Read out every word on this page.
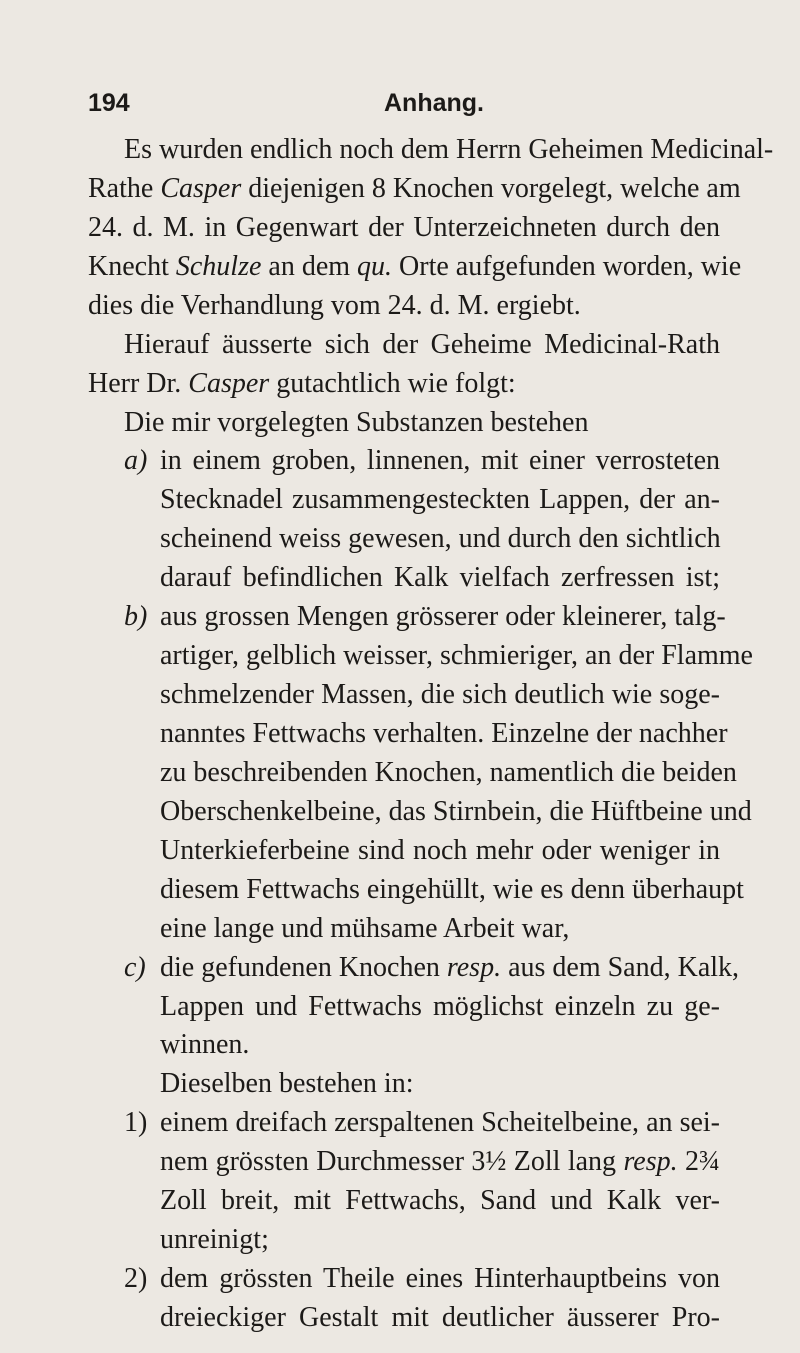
194	Anhang.
Es wurden endlich noch dem Herrn Geheimen Medicinal-
Rathe Casper diejenigen 8 Knochen vorgelegt, welche am
24. d. M. in Gegenwart der Unterzeichneten durch den
Knecht Schulze an dem qu. Orte aufgefunden worden, wie
dies die Verhandlung vom 24. d. M. ergiebt.
Hierauf äusserte sich der Geheime Medicinal-Rath
Herr Dr. Casper gutachtlich wie folgt:
Die mir vorgelegten Substanzen bestehen
a) in einem groben, linnenen, mit einer verrosteten
Stecknadel zusammengesteckten Lappen, der an-
scheinend weiss gewesen, und durch den sichtlich
darauf befindlichen Kalk vielfach zerfressen ist;
b) aus grossen Mengen grösserer oder kleinerer, talg-
artiger, gelblich weisser, schmieriger, an der Flamme
schmelzender Massen, die sich deutlich wie soge-
nanntes Fettwachs verhalten. Einzelne der nachher
zu beschreibenden Knochen, namentlich die beiden
Oberschenkelbeine, das Stirnbein, die Hüftbeine und
Unterkieferbeine sind noch mehr oder weniger in
diesem Fettwachs eingehüllt, wie es denn überhaupt
eine lange und mühsame Arbeit war,
c) die gefundenen Knochen resp. aus dem Sand, Kalk,
Lappen und Fettwachs möglichst einzeln zu ge-
winnen.
Dieselben bestehen in:
1) einem dreifach zerspaltenen Scheitelbeine, an sei-
nem grössten Durchmesser 3½ Zoll lang resp. 2¾
Zoll breit, mit Fettwachs, Sand und Kalk ver-
unreinigt;
2) dem grössten Theile eines Hinterhauptbeins von
dreieckiger Gestalt mit deutlicher äusserer Pro-
